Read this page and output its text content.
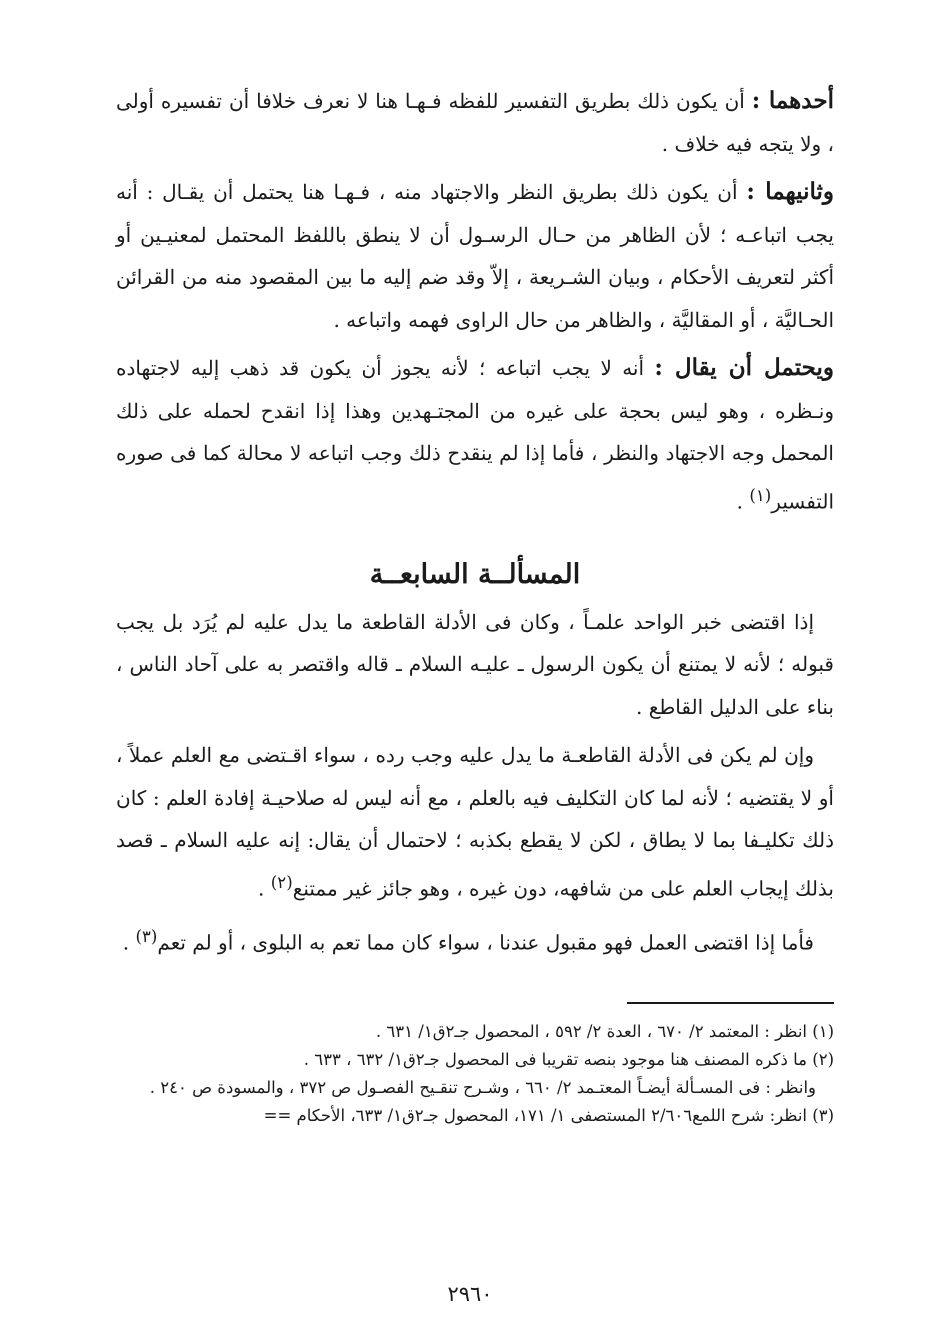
أحدهما : أن يكون ذلك بطريق التفسير للفظه فـهـا هنا لا نعرف خلافا أن تفسيره أولى ، ولا يتجه فيه خلاف .

وثانيهما : أن يكون ذلك بطريق النظر والاجتهاد منه ، فـهـا هنا يحتمل أن يقـال : أنه يجب اتباعـه ؛ لأن الظاهر من حـال الرسـول أن لا ينطق باللفظ المحتمل لمعنيـين أو أكثر لتعريف الأحكام ، وبيان الشـريعة ، إلاّ وقد ضم إليه ما بين المقصود منه من القرائن الحـاليَّة ، أو المقاليَّة ، والظاهر من حال الراوى فهمه واتباعه .

ويحتمل أن يقال : أنه لا يجب اتباعه ؛ لأنه يجوز أن يكون قد ذهب إليه لاجتهاده ونـظره ، وهو ليس بحجة على غيره من المجتـهدين وهذا إذا انقدح لحمله على ذلك المحمل وجه الاجتهاد والنظر ، فأما إذا لم ينقدح ذلك وجب اتباعه لا محالة كما فى صوره التفسير$^{(١)}$ .

المسألــة السابعــة

إذا اقتضى خبر الواحد علمـاً ، وكان فى الأدلة القاطعة ما يدل عليه لم يُرَد بل يجب قبوله ؛ لأنه لا يمتنع أن يكون الرسول ـ عليـه السلام ـ قاله واقتصر به على آحاد الناس ، بناء على الدليل القاطع .

وإن لم يكن فى الأدلة القاطعـة ما يدل عليه وجب رده ، سواء اقـتضى مع العلم عملاً ، أو لا يقتضيه ؛ لأنه لما كان التكليف فيه بالعلم ، مع أنه ليس له صلاحيـة إفادة العلم : كان ذلك تكليـفا بما لا يطاق ، لكن لا يقطع بكذبه ؛ لاحتمال أن يقال: إنه عليه السلام ـ قصد بذلك إيجاب العلم على من شافهه، دون غيره ، وهو جائز غير ممتنع$^{(٢)}$ .

فأما إذا اقتضى العمل فهو مقبول عندنا ، سواء كان مما تعم به البلوى ، أو لم تعم$^{(٣)}$ .

(١) انظر : المعتمد ٢/ ٦٧٠ ، العدة ٢/ ٥٩٢ ، المحصول جـ٢ق١/ ٦٣١ .

(٢) ما ذكره المصنف هنا موجود بنصه تقريبا فى المحصول جـ٢ق١/ ٦٣٢ ، ٦٣٣ .

وانظر : فى المسـألة أيضـاً المعتـمد ٢/ ٦٦٠ ، وشـرح تنقـيح الفصـول ص ٣٧٢ ، والمسودة ص ٢٤٠ .

(٣) انظر: شرح اللمع٢/٦٠٦ المستصفى ١/ ١٧١، المحصول جـ٢ق١/ ٦٣٣، الأحكام ==

٢٩٦٠
